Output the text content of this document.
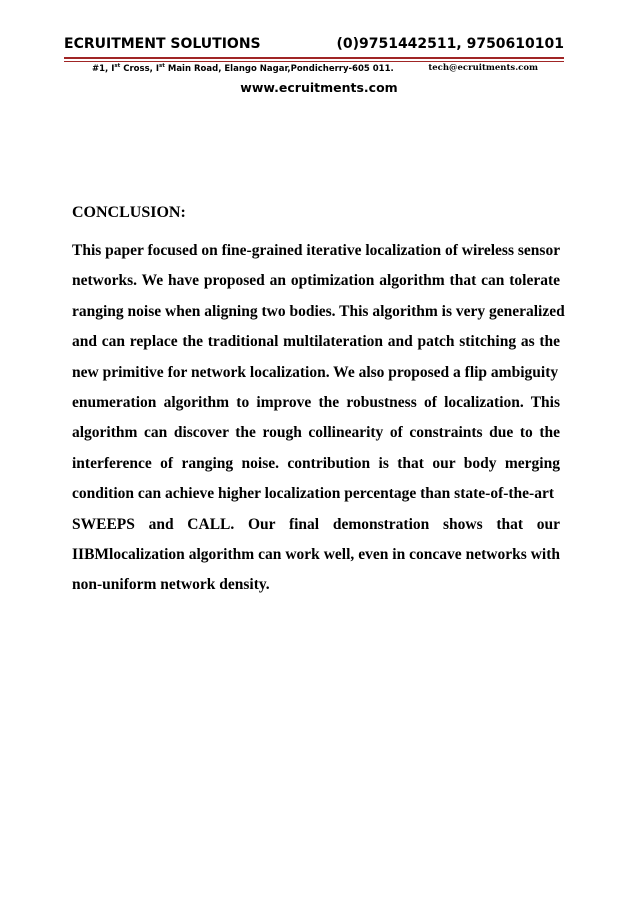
ECRUITMENT SOLUTIONS	(0)9751442511, 9750610101
#1, Ist Cross, Ist Main Road, Elango Nagar,Pondicherry-605 011.	tech@ecruitments.com
www.ecruitments.com
CONCLUSION:

This paper focused on fine-grained iterative localization of wireless sensor
networks. We have proposed an optimization algorithm that can tolerate
ranging noise when aligning two bodies. This algorithm is very generalized
and can replace the traditional multilateration and patch stitching as the
new primitive for network localization. We also proposed a flip ambiguity
enumeration algorithm to improve the robustness of localization. This
algorithm can discover the rough collinearity of constraints due to the
interference of ranging noise. contribution is that our body merging
condition can achieve higher localization percentage than state-of-the-art
SWEEPS and CALL. Our final demonstration shows that our
IIBMlocalization algorithm can work well, even in concave networks with
non-uniform network density.
